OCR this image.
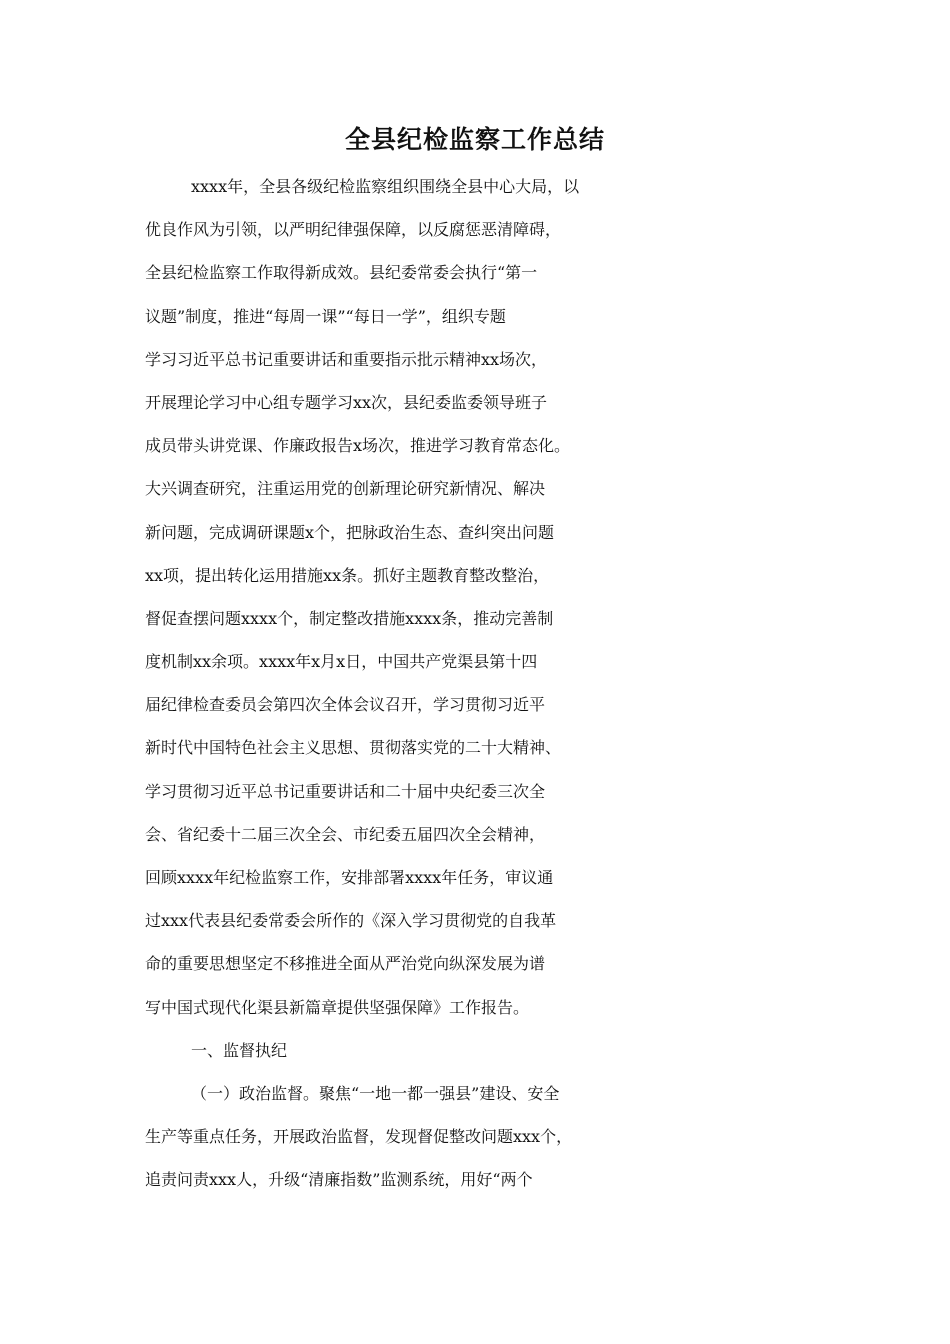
全县纪检监察工作总结
xxxx年，全县各级纪检监察组织围绕全县中心大局，以
优良作风为引领，以严明纪律强保障，以反腐惩恶清障碍，
全县纪检监察工作取得新成效。县纪委常委会执行“第一
议题”制度，推进“每周一课”“每日一学”，组织专题
学习习近平总书记重要讲话和重要指示批示精神xx场次，
开展理论学习中心组专题学习xx次，县纪委监委领导班子
成员带头讲党课、作廉政报告x场次，推进学习教育常态化。
大兴调查研究，注重运用党的创新理论研究新情况、解决
新问题，完成调研课题x个，把脉政治生态、查纠突出问题
xx项，提出转化运用措施xx条。抓好主题教育整改整治，
督促查摆问题xxxx个，制定整改措施xxxx条，推动完善制
度机制xx余项。xxxx年x月x日，中国共产党渠县第十四
届纪律检查委员会第四次全体会议召开，学习贯彻习近平
新时代中国特色社会主义思想、贯彻落实党的二十大精神、
学习贯彻习近平总书记重要讲话和二十届中央纪委三次全
会、省纪委十二届三次全会、市纪委五届四次全会精神，
回顾xxxx年纪检监察工作，安排部署xxxx年任务，审议通
过xxx代表县纪委常委会所作的《深入学习贯彻党的自我革
命的重要思想坚定不移推进全面从严治党向纵深发展为谱
写中国式现代化渠县新篇章提供坚强保障》工作报告。
一、监督执纪
（一）政治监督。聚焦“一地一都一强县”建设、安全
生产等重点任务，开展政治监督，发现督促整改问题xxx个，
追责问责xxx人，升级“清廉指数”监测系统，用好“两个
